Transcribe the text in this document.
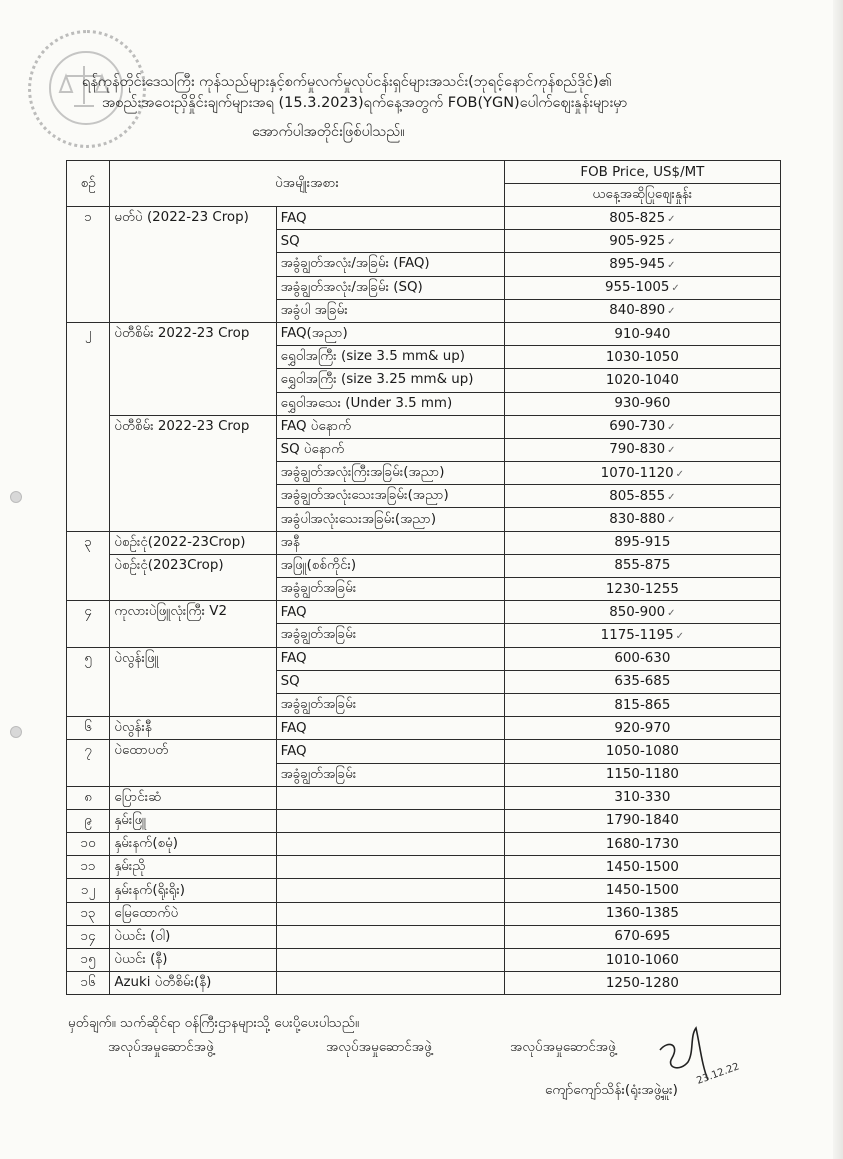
ရန်ကုန်တိုင်းဒေသကြီး ကုန်သည်များနှင့်စက်မှုလက်မှုလုပ်ငန်းရှင်များအသင်း(ဘုရင့်နောင်ကုန်စည်ဒိုင်)၏
အစည်းအဝေးညှိနှိုင်းချက်များအရ (15.3.2023)ရက်နေ့အတွက် FOB(YGN)ပေါက်ဈေးနှုန်းများမှာ
အောက်ပါအတိုင်းဖြစ်ပါသည်။
စဉ်	ပဲအမျိုးအစား		FOB Price, US$/MT
			ယနေ့အဆိုပြုဈေးနှုန်း
၁	မတ်ပဲ (2022-23 Crop)	FAQ	805-825 ✓
		SQ	905-925 ✓
		အခွံချွတ်အလုံး/အခြမ်း (FAQ)	895-945 ✓
		အခွံချွတ်အလုံး/အခြမ်း (SQ)	955-1005 ✓
		အခွံပါ အခြမ်း	840-890 ✓
၂	ပဲတီစိမ်း 2022-23 Crop	FAQ(အညာ)	910-940
		ရွှေဝါအကြီး (size 3.5 mm& up)	1030-1050
		ရွှေဝါအကြီး (size 3.25 mm& up)	1020-1040
		ရွှေဝါအသေး (Under 3.5 mm)	930-960
	ပဲတီစိမ်း 2022-23 Crop	FAQ ပဲနောက်	690-730 ✓
		SQ ပဲနောက်	790-830 ✓
		အခွံချွတ်အလုံးကြီးအခြမ်း(အညာ)	1070-1120 ✓
		အခွံချွတ်အလုံးသေးအခြမ်း(အညာ)	805-855 ✓
		အခွံပါအလုံးသေးအခြမ်း(အညာ)	830-880 ✓
၃	ပဲစဉ်းငုံ(2022-23Crop)	အနီ	895-915
	ပဲစဉ်းငုံ(2023Crop)	အဖြူ(စစ်ကိုင်း)	855-875
		အခွံချွတ်အခြမ်း	1230-1255
၄	ကုလားပဲဖြူလုံးကြီး V2	FAQ	850-900 ✓
		အခွံချွတ်အခြမ်း	1175-1195 ✓
၅	ပဲလွန်းဖြူ	FAQ	600-630
		SQ	635-685
		အခွံချွတ်အခြမ်း	815-865
၆	ပဲလွန်းနီ	FAQ	920-970
၇	ပဲထောပတ်	FAQ	1050-1080
		အခွံချွတ်အခြမ်း	1150-1180
၈	ပြောင်းဆံ		310-330
၉	နှမ်းဖြူ		1790-1840
၁၀	နှမ်းနက်(စမုံ)		1680-1730
၁၁	နှမ်းညို		1450-1500
၁၂	နှမ်းနက်(ရိုးရိုး)		1450-1500
၁၃	မြေထောက်ပဲ		1360-1385
၁၄	ပဲယင်း (ဝါ)		670-695
၁၅	ပဲယင်း (နီ)		1010-1060
၁၆	Azuki ပဲတီစိမ်း(နီ)		1250-1280
မှတ်ချက်။ သက်ဆိုင်ရာ ဝန်ကြီးဌာနများသို့ ပေးပို့ပေးပါသည်။
အလုပ်အမှုဆောင်အဖွဲ့	အလုပ်အမှုဆောင်အဖွဲ့	အလုပ်အမှုဆောင်အဖွဲ့
23.12.22
ကျော်ကျော်သိန်း(ရုံးအဖွဲ့မှူး)
